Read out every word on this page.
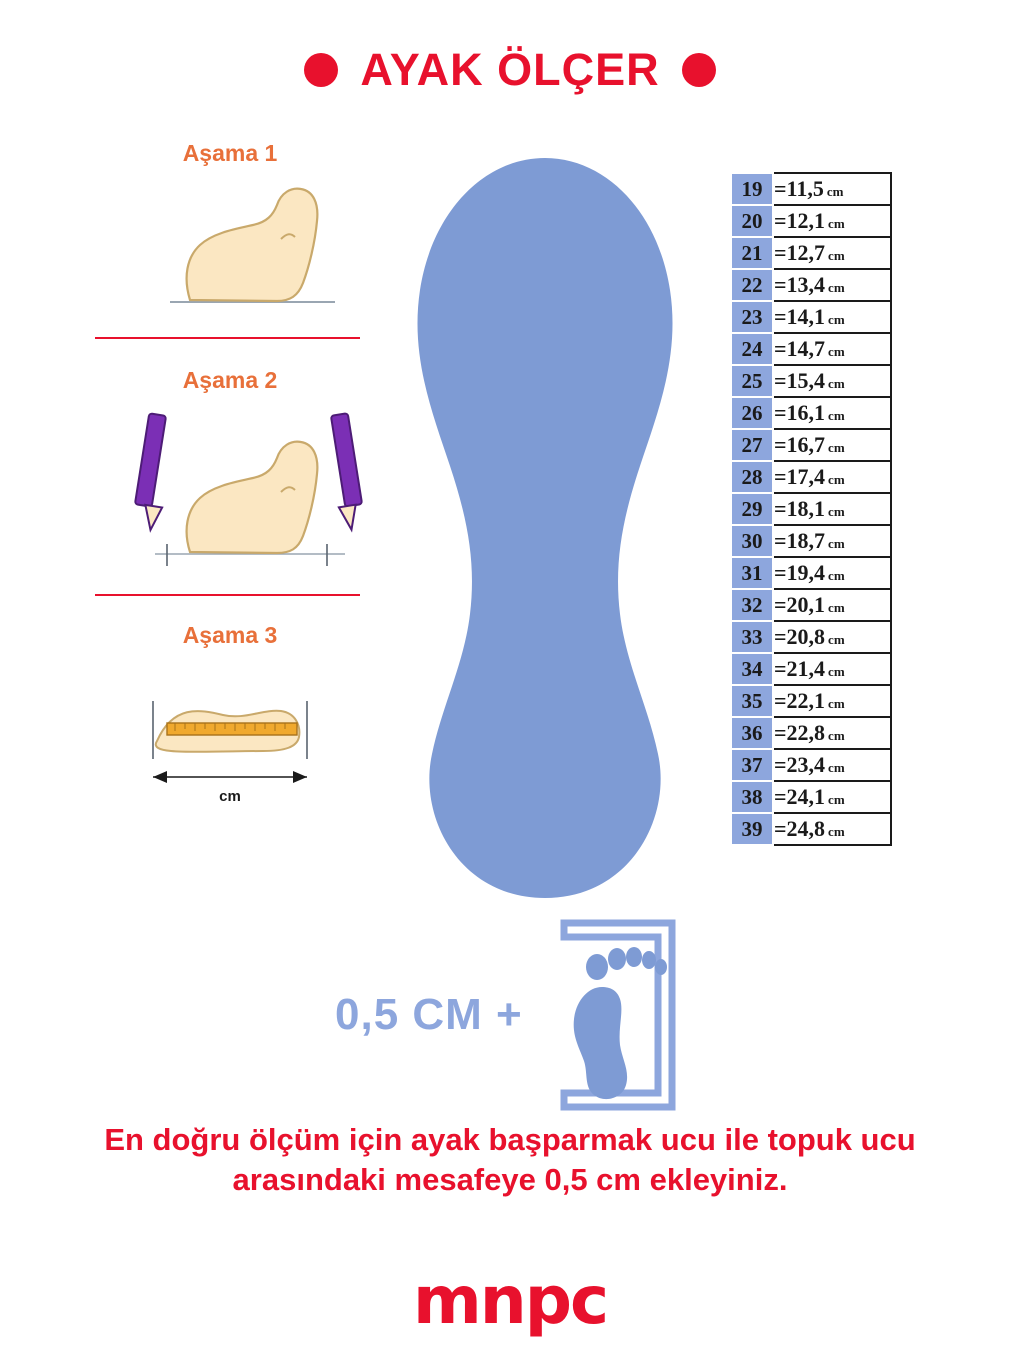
AYAK ÖLÇER
Aşama 1
Aşama 2
Aşama 3
cm
19	=11,5 cm
20	=12,1 cm
21	=12,7 cm
22	=13,4 cm
23	=14,1 cm
24	=14,7 cm
25	=15,4 cm
26	=16,1 cm
27	=16,7 cm
28	=17,4 cm
29	=18,1 cm
30	=18,7 cm
31	=19,4 cm
32	=20,1 cm
33	=20,8 cm
34	=21,4 cm
35	=22,1 cm
36	=22,8 cm
37	=23,4 cm
38	=24,1 cm
39	=24,8 cm
0,5 CM +
En doğru ölçüm için ayak başparmak ucu ile topuk ucu arasındaki mesafeye 0,5 cm ekleyiniz.
mnpc
